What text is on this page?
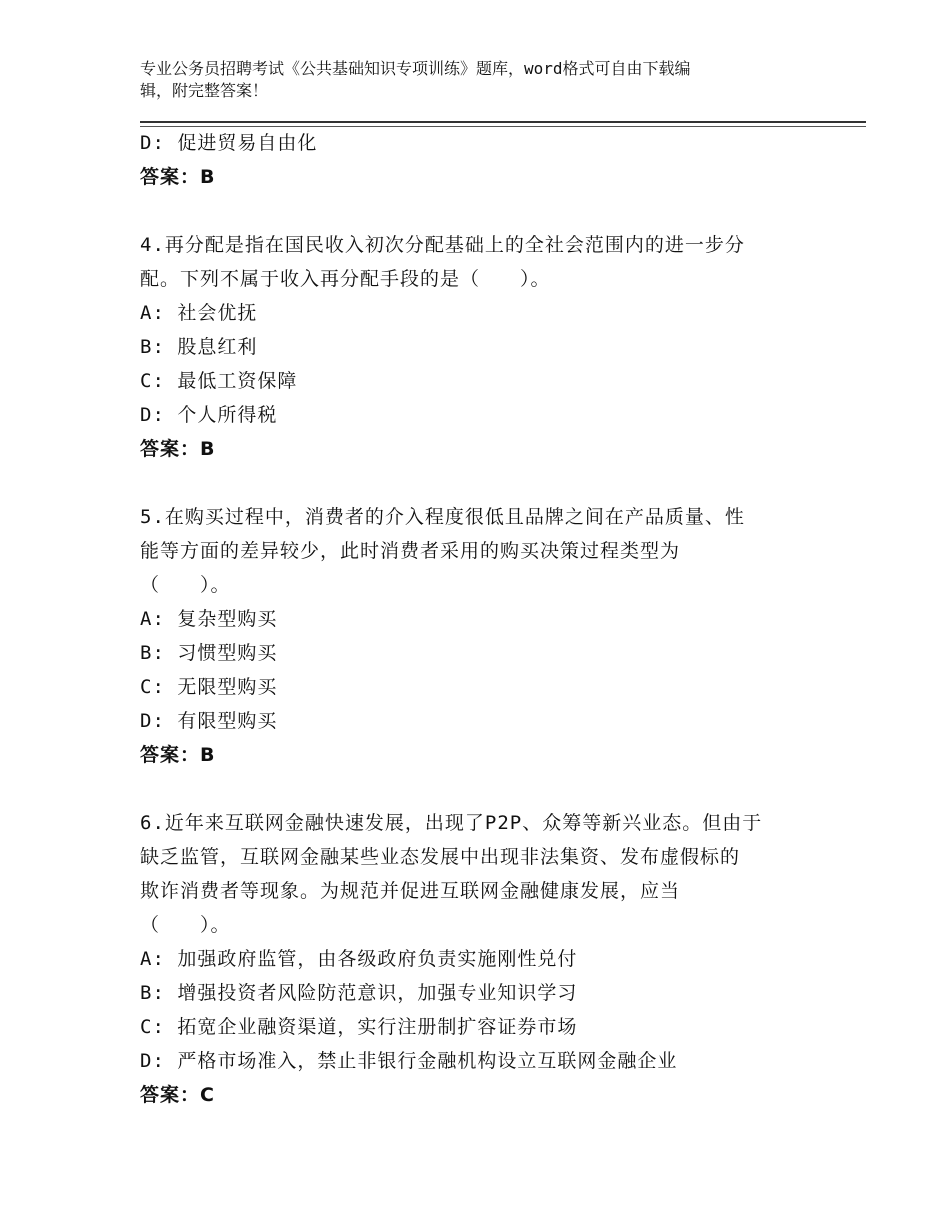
专业公务员招聘考试《公共基础知识专项训练》题库，word格式可自由下载编
辑，附完整答案！
D: 促进贸易自由化
答案：B
4.再分配是指在国民收入初次分配基础上的全社会范围内的进一步分
配。下列不属于收入再分配手段的是（　　）。
A: 社会优抚
B: 股息红利
C: 最低工资保障
D: 个人所得税
答案：B
5.在购买过程中，消费者的介入程度很低且品牌之间在产品质量、性
能等方面的差异较少，此时消费者采用的购买决策过程类型为
（　　）。
A: 复杂型购买
B: 习惯型购买
C: 无限型购买
D: 有限型购买
答案：B
6.近年来互联网金融快速发展，出现了P2P、众筹等新兴业态。但由于
缺乏监管，互联网金融某些业态发展中出现非法集资、发布虚假标的
欺诈消费者等现象。为规范并促进互联网金融健康发展，应当
（　　）。
A: 加强政府监管，由各级政府负责实施刚性兑付
B: 增强投资者风险防范意识，加强专业知识学习
C: 拓宽企业融资渠道，实行注册制扩容证券市场
D: 严格市场准入，禁止非银行金融机构设立互联网金融企业
答案：C
